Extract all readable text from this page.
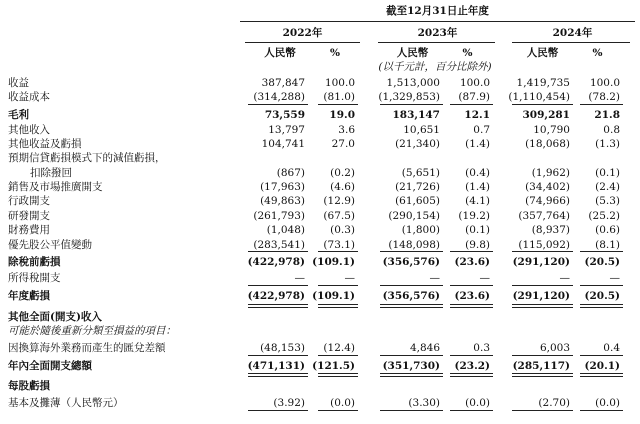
截至12月31日止年度
2022年	2023年	2024年
人民幣	%	人民幣	%	人民幣	%
(以千元計，百分比除外)
收益	387,847	100.0	1,513,000	100.0	1,419,735	100.0
收益成本	(314,288)	(81.0)	(1,329,853)	(87.9)	(1,110,454)	(78.2)
毛利	73,559	19.0	183,147	12.1	309,281	21.8
其他收入	13,797	3.6	10,651	0.7	10,790	0.8
其他收益及虧損	104,741	27.0	(21,340)	(1.4)	(18,068)	(1.3)
預期信貸虧損模式下的減值虧損，
扣除撥回	(867)	(0.2)	(5,651)	(0.4)	(1,962)	(0.1)
銷售及市場推廣開支	(17,963)	(4.6)	(21,726)	(1.4)	(34,402)	(2.4)
行政開支	(49,863)	(12.9)	(61,605)	(4.1)	(74,966)	(5.3)
研發開支	(261,793)	(67.5)	(290,154)	(19.2)	(357,764)	(25.2)
財務費用	(1,048)	(0.3)	(1,800)	(0.1)	(8,937)	(0.6)
優先股公平值變動	(283,541)	(73.1)	(148,098)	(9.8)	(115,092)	(8.1)
除稅前虧損	(422,978) (109.1)	(356,576)	(23.6)	(291,120)	(20.5)
所得稅開支	—	—	—	—	—	—
年度虧損	(422,978) (109.1)	(356,576)	(23.6)	(291,120)	(20.5)
其他全面(開支)收入
可能於隨後重新分類至損益的項目：
因換算海外業務而產生的匯兌差額	(48,153)	(12.4)	4,846	0.3	6,003	0.4
年內全面開支總額	(471,131) (121.5)	(351,730)	(23.2)	(285,117)	(20.1)
每股虧損
基本及攤薄（人民幣元）	(3.92)	(0.0)	(3.30)	(0.0)	(2.70)	(0.0)
